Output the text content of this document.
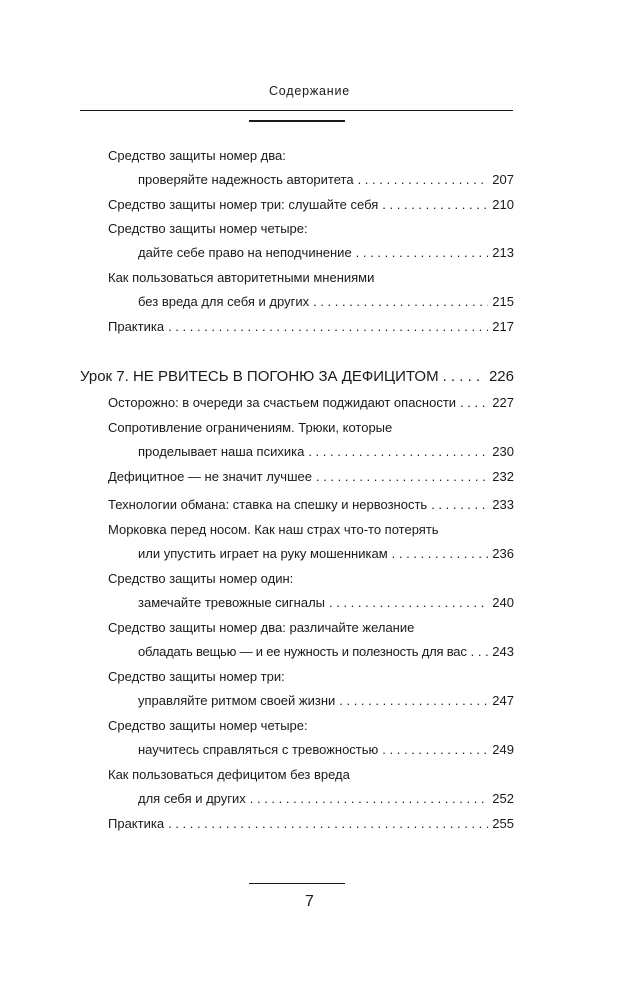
Содержание
Средство защиты номер два:
проверяйте надежность авторитета . . .	207
Средство защиты номер три: слушайте себя . . .	210
Средство защиты номер четыре:
дайте себе право на неподчинение . . .	213
Как пользоваться авторитетными мнениями
без вреда для себя и других . . .	215
Практика . . .	217
Урок 7. НЕ РВИТЕСЬ В ПОГОНЮ ЗА ДЕФИЦИТОМ . . .	226
Осторожно: в очереди за счастьем поджидают опасности . . .	227
Сопротивление ограничениям. Трюки, которые
проделывает наша психика . . .	230
Дефицитное — не значит лучшее . . .	232
Технологии обмана: ставка на спешку и нервозность . . .	233
Морковка перед носом. Как наш страх что-то потерять
или упустить играет на руку мошенникам . . .	236
Средство защиты номер один:
замечайте тревожные сигналы . . .	240
Средство защиты номер два: различайте желание
обладать вещью — и ее нужность и полезность для вас . . .	243
Средство защиты номер три:
управляйте ритмом своей жизни . . .	247
Средство защиты номер четыре:
научитесь справляться с тревожностью . . .	249
Как пользоваться дефицитом без вреда
для себя и других . . .	252
Практика . . .	255
7
